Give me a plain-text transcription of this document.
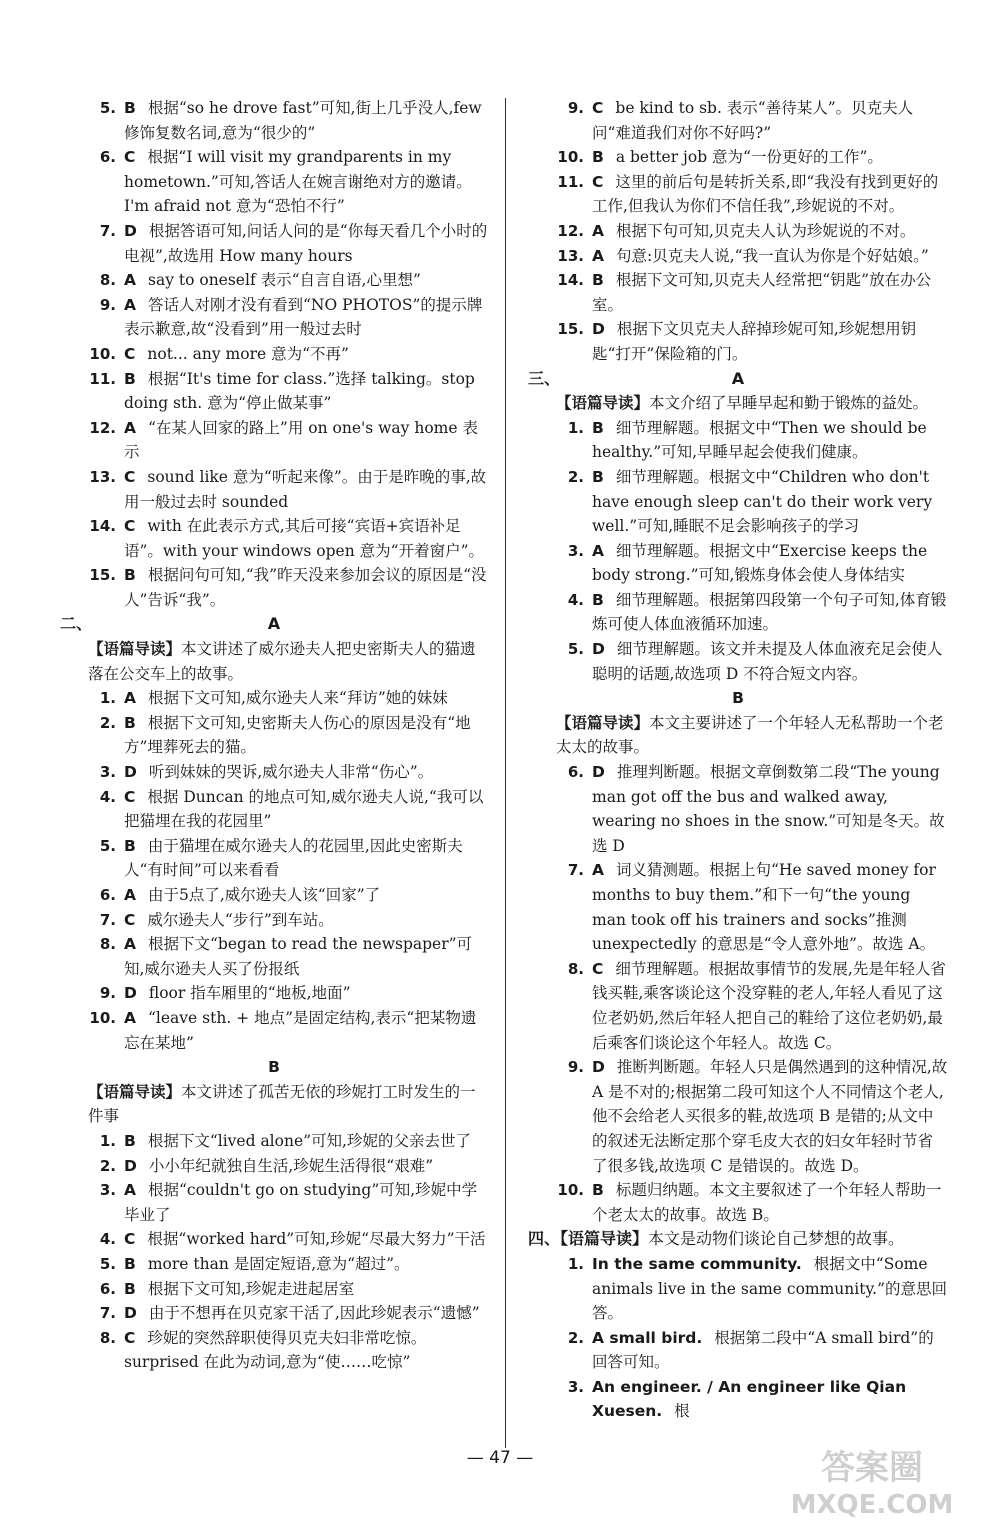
5. B 根据“so he drove fast”可知,街上几乎没人,few 修饰复数名词,意为“很少的”
6. C 根据“I will visit my grandparents in my hometown.”可知,答话人在婉言谢绝对方的邀请。I'm afraid not 意为“恐怕不行”
7. D 根据答语可知,问话人问的是“你每天看几个小时的电视”,故选用 How many hours
8. A say to oneself 表示“自言自语,心里想”
9. A 答话人对刚才没有看到“NO PHOTOS”的提示牌表示歉意,故“没看到”用一般过去时
10. C not... any more 意为“不再”
11. B 根据“It's time for class.”选择 talking。stop doing sth. 意为“停止做某事”
12. A “在某人回家的路上”用 on one's way home 表示
13. C sound like 意为“听起来像”。由于是昨晚的事,故用一般过去时 sounded
14. C with 在此表示方式,其后可接“宾语+宾语补足语”。with your windows open 意为“开着窗户”。
15. B 根据问句可知,“我”昨天没来参加会议的原因是“没人”告诉“我”。
二、	A
【语篇导读】本文讲述了威尔逊夫人把史密斯夫人的猫遗落在公交车上的故事。
1. A 根据下文可知,威尔逊夫人来“拜访”她的妹妹
2. B 根据下文可知,史密斯夫人伤心的原因是没有“地方”埋葬死去的猫。
3. D 听到妹妹的哭诉,威尔逊夫人非常“伤心”。
4. C 根据 Duncan 的地点可知,威尔逊夫人说,“我可以把猫埋在我的花园里”
5. B 由于猫埋在威尔逊夫人的花园里,因此史密斯夫人“有时间”可以来看看
6. A 由于5点了,威尔逊夫人该“回家”了
7. C 威尔逊夫人“步行”到车站。
8. A 根据下文“began to read the newspaper”可知,威尔逊夫人买了份报纸
9. D floor 指车厢里的“地板,地面”
10. A “leave sth. + 地点”是固定结构,表示“把某物遗忘在某地”
B
【语篇导读】本文讲述了孤苦无依的珍妮打工时发生的一件事
1. B 根据下文“lived alone”可知,珍妮的父亲去世了
2. D 小小年纪就独自生活,珍妮生活得很“艰难”
3. A 根据“couldn't go on studying”可知,珍妮中学毕业了
4. C 根据“worked hard”可知,珍妮“尽最大努力”干活
5. B more than 是固定短语,意为“超过”。
6. B 根据下文可知,珍妮走进起居室
7. D 由于不想再在贝克家干活了,因此珍妮表示“遗憾”
8. C 珍妮的突然辞职使得贝克夫妇非常吃惊。surprised 在此为动词,意为“使……吃惊”
9. C be kind to sb. 表示“善待某人”。贝克夫人问“难道我们对你不好吗?”
10. B a better job 意为“一份更好的工作”。
11. C 这里的前后句是转折关系,即“我没有找到更好的工作,但我认为你们不信任我”,珍妮说的不对。
12. A 根据下句可知,贝克夫人认为珍妮说的不对。
13. A 句意:贝克夫人说,“我一直认为你是个好姑娘。”
14. B 根据下文可知,贝克夫人经常把“钥匙”放在办公室。
15. D 根据下文贝克夫人辞掉珍妮可知,珍妮想用钥匙“打开”保险箱的门。
三、	A
【语篇导读】本文介绍了早睡早起和勤于锻炼的益处。
1. B 细节理解题。根据文中“Then we should be healthy.”可知,早睡早起会使我们健康。
2. B 细节理解题。根据文中“Children who don't have enough sleep can't do their work very well.”可知,睡眠不足会影响孩子的学习
3. A 细节理解题。根据文中“Exercise keeps the body strong.”可知,锻炼身体会使人身体结实
4. B 细节理解题。根据第四段第一个句子可知,体育锻炼可使人体血液循环加速。
5. D 细节理解题。该文并未提及人体血液充足会使人聪明的话题,故选项 D 不符合短文内容。
B
【语篇导读】本文主要讲述了一个年轻人无私帮助一个老太太的故事。
6. D 推理判断题。根据文章倒数第二段“The young man got off the bus and walked away, wearing no shoes in the snow.”可知是冬天。故选 D
7. A 词义猜测题。根据上句“He saved money for months to buy them.”和下一句“the young man took off his trainers and socks”推测 unexpectedly 的意思是“令人意外地”。故选 A。
8. C 细节理解题。根据故事情节的发展,先是年轻人省钱买鞋,乘客谈论这个没穿鞋的老人,年轻人看见了这位老奶奶,然后年轻人把自己的鞋给了这位老奶奶,最后乘客们谈论这个年轻人。故选 C。
9. D 推断判断题。年轻人只是偶然遇到的这种情况,故 A 是不对的;根据第二段可知这个人不同情这个老人,他不会给老人买很多的鞋,故选项 B 是错的;从文中的叙述无法断定那个穿毛皮大衣的妇女年轻时节省了很多钱,故选项 C 是错误的。故选 D。
10. B 标题归纳题。本文主要叙述了一个年轻人帮助一个老太太的故事。故选 B。
四、【语篇导读】本文是动物们谈论自己梦想的故事。
1. In the same community. 根据文中“Some animals live in the same community.”的意思回答。
2. A small bird. 根据第二段中“A small bird”的回答可知。
3. An engineer. / An engineer like Qian Xuesen. 根
— 47 —	答案圈
MXQE.COM
